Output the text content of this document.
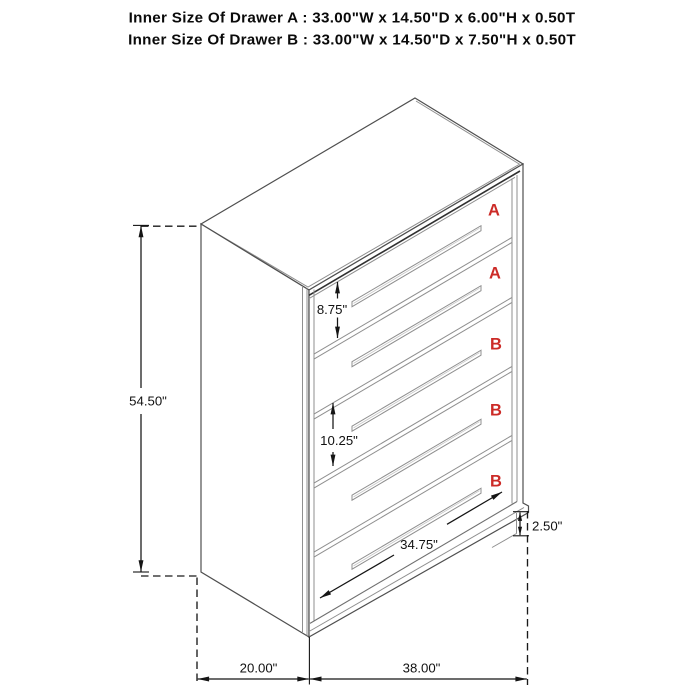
Inner Size Of Drawer A : 33.00"W x 14.50"D x 6.00"H x 0.50T
Inner Size Of Drawer B : 33.00"W x 14.50"D x 7.50"H x 0.50T
A
A
B
B
B
54.50"
8.75"
10.25"
34.75"
2.50"
20.00"	38.00"
